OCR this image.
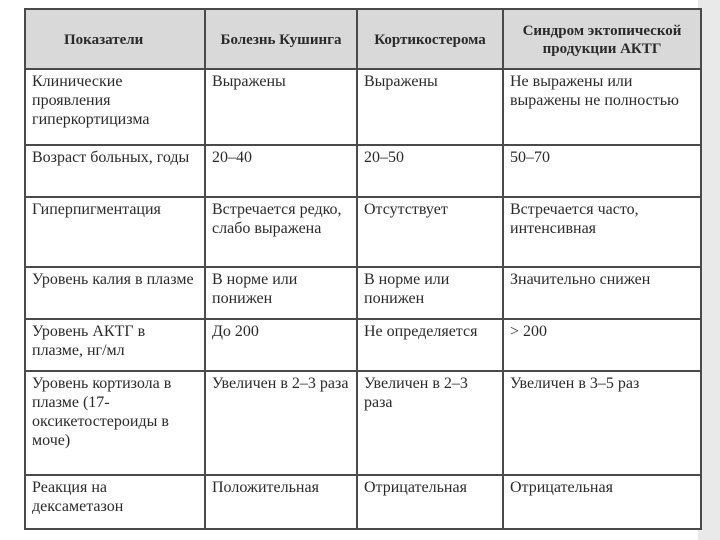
Показатели	Болезнь Кушинга	Кортикостерома	Синдром эктопической продукции АКТГ
Клинические проявления гиперкортицизма	Выражены	Выражены	Не выражены или выражены не полностью
Возраст больных, годы	20–40	20–50	50–70
Гиперпигментация	Встречается редко, слабо выражена	Отсутствует	Встречается часто, интенсивная
Уровень калия в плазме	В норме или понижен	В норме или понижен	Значительно снижен
Уровень АКТГ в плазме, нг/мл	До 200	Не определяется	> 200
Уровень кортизола в плазме (17-оксикетостероиды в моче)	Увеличен в 2–3 раза	Увеличен в 2–3 раза	Увеличен в 3–5 раз
Реакция на дексаметазон	Положительная	Отрицательная	Отрицательная
